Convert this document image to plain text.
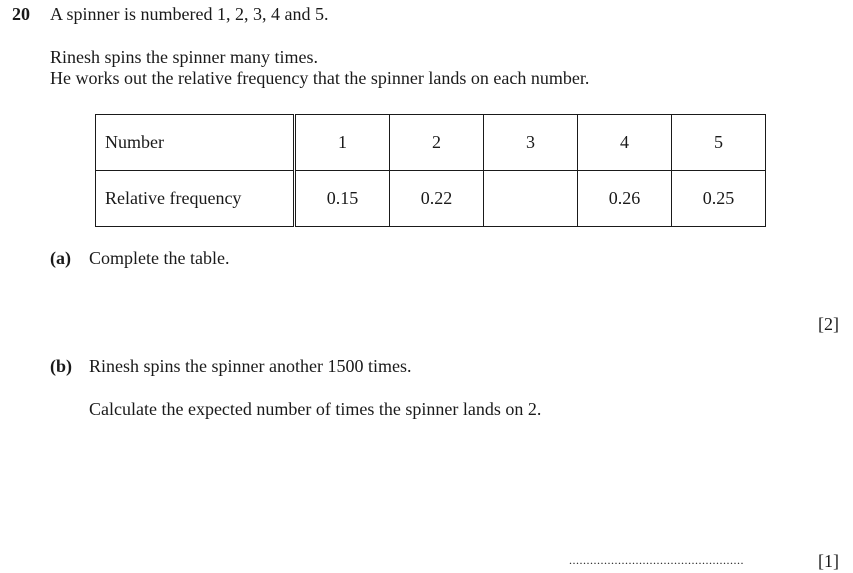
20 A spinner is numbered 1, 2, 3, 4 and 5.
Rinesh spins the spinner many times.
He works out the relative frequency that the spinner lands on each number.
Number	1	2	3	4	5
Relative frequency	0.15	0.22		0.26	0.25
(a) Complete the table.
[2]
(b) Rinesh spins the spinner another 1500 times.
Calculate the expected number of times the spinner lands on 2.
..................................................	[1]
